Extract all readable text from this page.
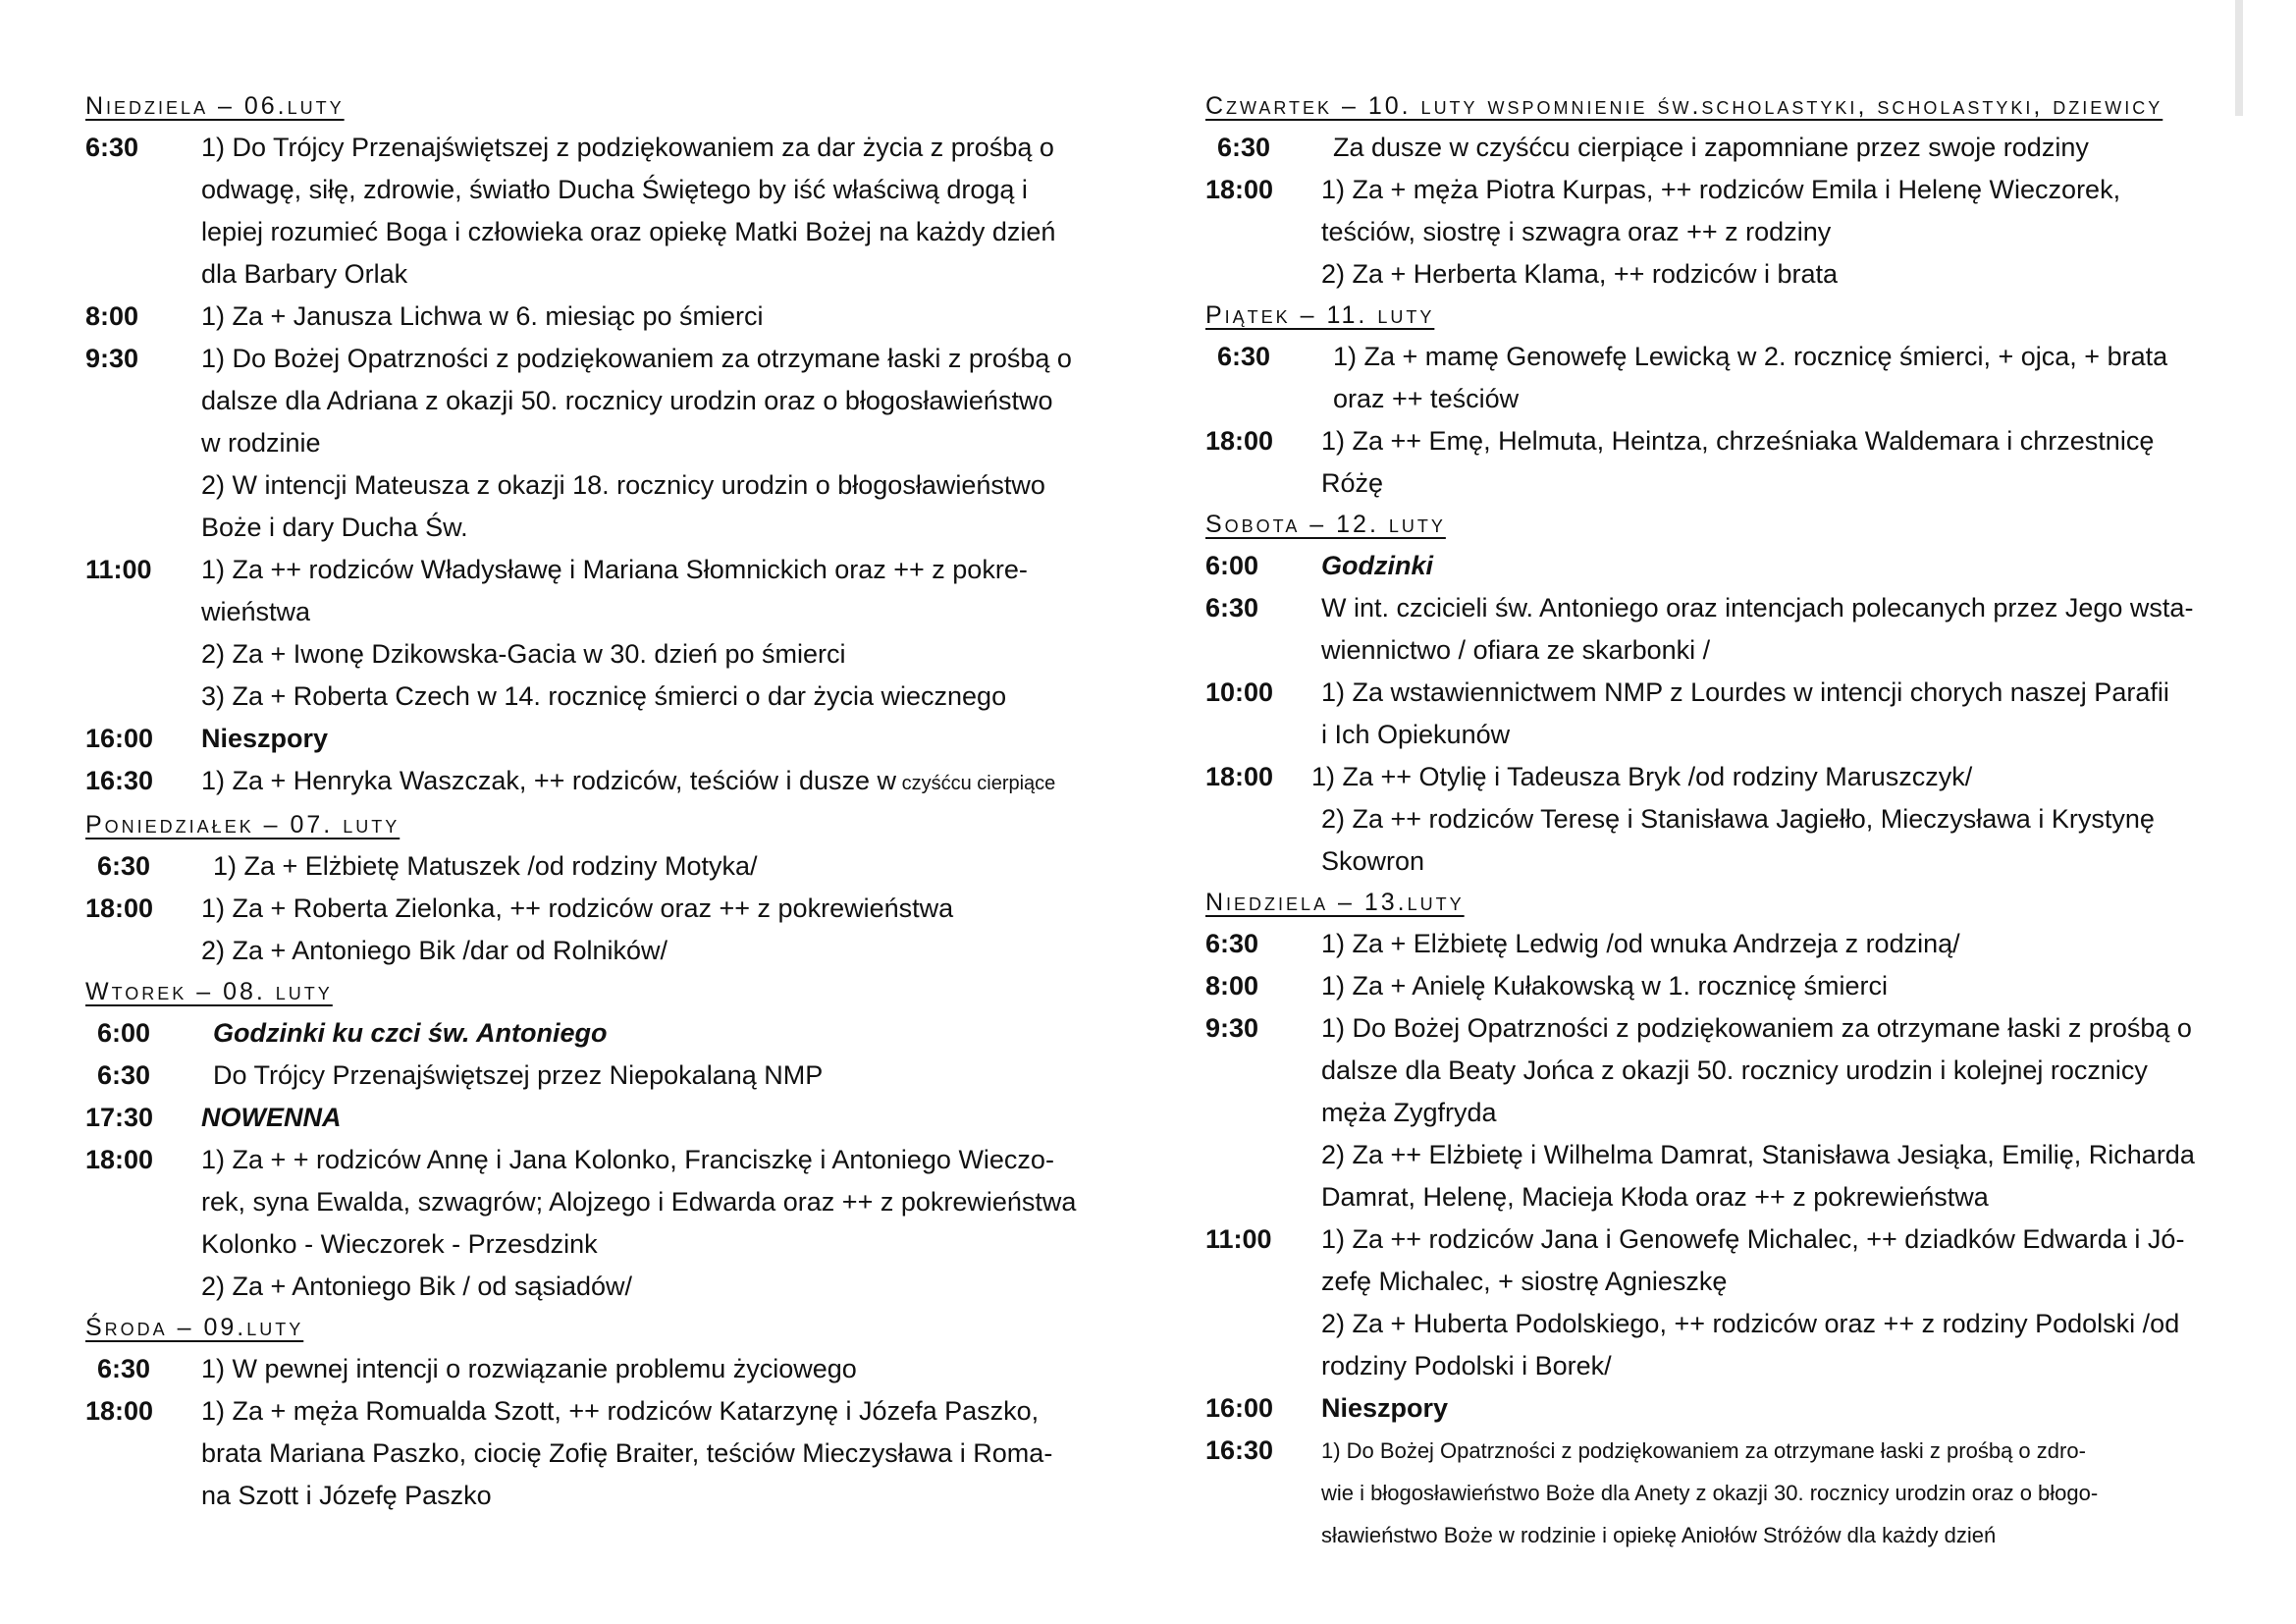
Niedziela – 06.luty
6:30	1) Do Trójcy Przenajświętszej z podziękowaniem za dar życia z prośbą o
odwagę, siłę, zdrowie, światło Ducha Świętego by iść właściwą drogą i
lepiej rozumieć Boga i człowieka oraz opiekę Matki Bożej na każdy dzień
dla Barbary Orlak
8:00	1) Za + Janusza Lichwa w 6. miesiąc po śmierci
9:30	1) Do Bożej Opatrzności z podziękowaniem za otrzymane łaski z prośbą o
dalsze dla Adriana z okazji 50. rocznicy urodzin oraz o błogosławieństwo
w rodzinie
2) W intencji Mateusza z okazji 18. rocznicy urodzin o błogosławieństwo
Boże i dary Ducha Św.
11:00	1) Za ++ rodziców Władysławę i Mariana Słomnickich oraz ++ z pokre-
wieństwa
2) Za + Iwonę Dzikowska-Gacia w 30. dzień po śmierci
3) Za + Roberta Czech w 14. rocznicę śmierci o dar życia wiecznego
16:00	Nieszpory
16:30	1) Za + Henryka Waszczak, ++ rodziców, teściów i dusze w czyśćcu cierpiące
Poniedziałek – 07. luty
6:30	1) Za + Elżbietę Matuszek /od rodziny Motyka/
18:00	1) Za + Roberta Zielonka, ++ rodziców oraz ++ z pokrewieństwa
2) Za + Antoniego Bik /dar od Rolników/
Wtorek – 08. luty
6:00	Godzinki ku czci św. Antoniego
6:30	Do Trójcy Przenajświętszej przez Niepokalaną NMP
17:30	NOWENNA
18:00	1) Za + + rodziców Annę i Jana Kolonko, Franciszkę i Antoniego Wieczo-
rek, syna Ewalda, szwagrów; Alojzego i Edwarda oraz ++ z pokrewieństwa
Kolonko - Wieczorek - Przesdzink
2) Za + Antoniego Bik / od sąsiadów/
Środa – 09.luty
6:30	1) W pewnej intencji o rozwiązanie problemu życiowego
18:00	1) Za + męża Romualda Szott, ++ rodziców Katarzynę i Józefa Paszko,
brata Mariana Paszko, ciocię Zofię Braiter, teściów Mieczysława i Roma-
na Szott i Józefę Paszko
Czwartek – 10. luty wspomnienie św.scholastyki, scholastyki, dziewicy
6:30	Za dusze w czyśćcu cierpiące i zapomniane przez swoje rodziny
18:00	1) Za + męża Piotra Kurpas, ++ rodziców Emila i Helenę Wieczorek,
teściów, siostrę i szwagra oraz ++ z rodziny
2) Za + Herberta Klama, ++ rodziców i brata
Piątek – 11. luty
6:30	1) Za + mamę Genowefę Lewicką w 2. rocznicę śmierci, + ojca, + brata
oraz ++ teściów
18:00	1) Za ++ Emę, Helmuta, Heintza, chrześniaka Waldemara i chrzestnicę
Różę
Sobota – 12. luty
6:00	Godzinki
6:30	W int. czcicieli św. Antoniego oraz intencjach polecanych przez Jego wsta-
wiennictwo / ofiara ze skarbonki /
10:00	1) Za wstawiennictwem NMP z Lourdes w intencji chorych naszej Parafii
i Ich Opiekunów
18:00	1) Za ++ Otylię i Tadeusza Bryk /od rodziny Maruszczyk/
2) Za ++ rodziców Teresę i Stanisława Jagiełło, Mieczysława i Krystynę
Skowron
Niedziela – 13.luty
6:30	1) Za + Elżbietę Ledwig /od wnuka Andrzeja z rodziną/
8:00	1) Za + Anielę Kułakowską w 1. rocznicę śmierci
9:30	1) Do Bożej Opatrzności z podziękowaniem za otrzymane łaski z prośbą o
dalsze dla Beaty Jońca z okazji 50. rocznicy urodzin i kolejnej rocznicy
męża Zygfryda
2) Za ++ Elżbietę i Wilhelma Damrat, Stanisława Jesiąka, Emilię, Richarda
Damrat, Helenę, Macieja Kłoda oraz ++ z pokrewieństwa
11:00	1) Za ++ rodziców Jana i Genowefę Michalec, ++ dziadków Edwarda i Jó-
zefę Michalec, + siostrę Agnieszkę
2) Za + Huberta Podolskiego, ++ rodziców oraz ++ z rodziny Podolski /od
rodziny Podolski i Borek/
16:00	Nieszpory
16:30	1) Do Bożej Opatrzności z podziękowaniem za otrzymane łaski z prośbą o zdro-
wie i błogosławieństwo Boże dla Anety z okazji 30. rocznicy urodzin oraz o błogo-
sławieństwo Boże w rodzinie i opiekę Aniołów Stróżów dla każdy dzień
